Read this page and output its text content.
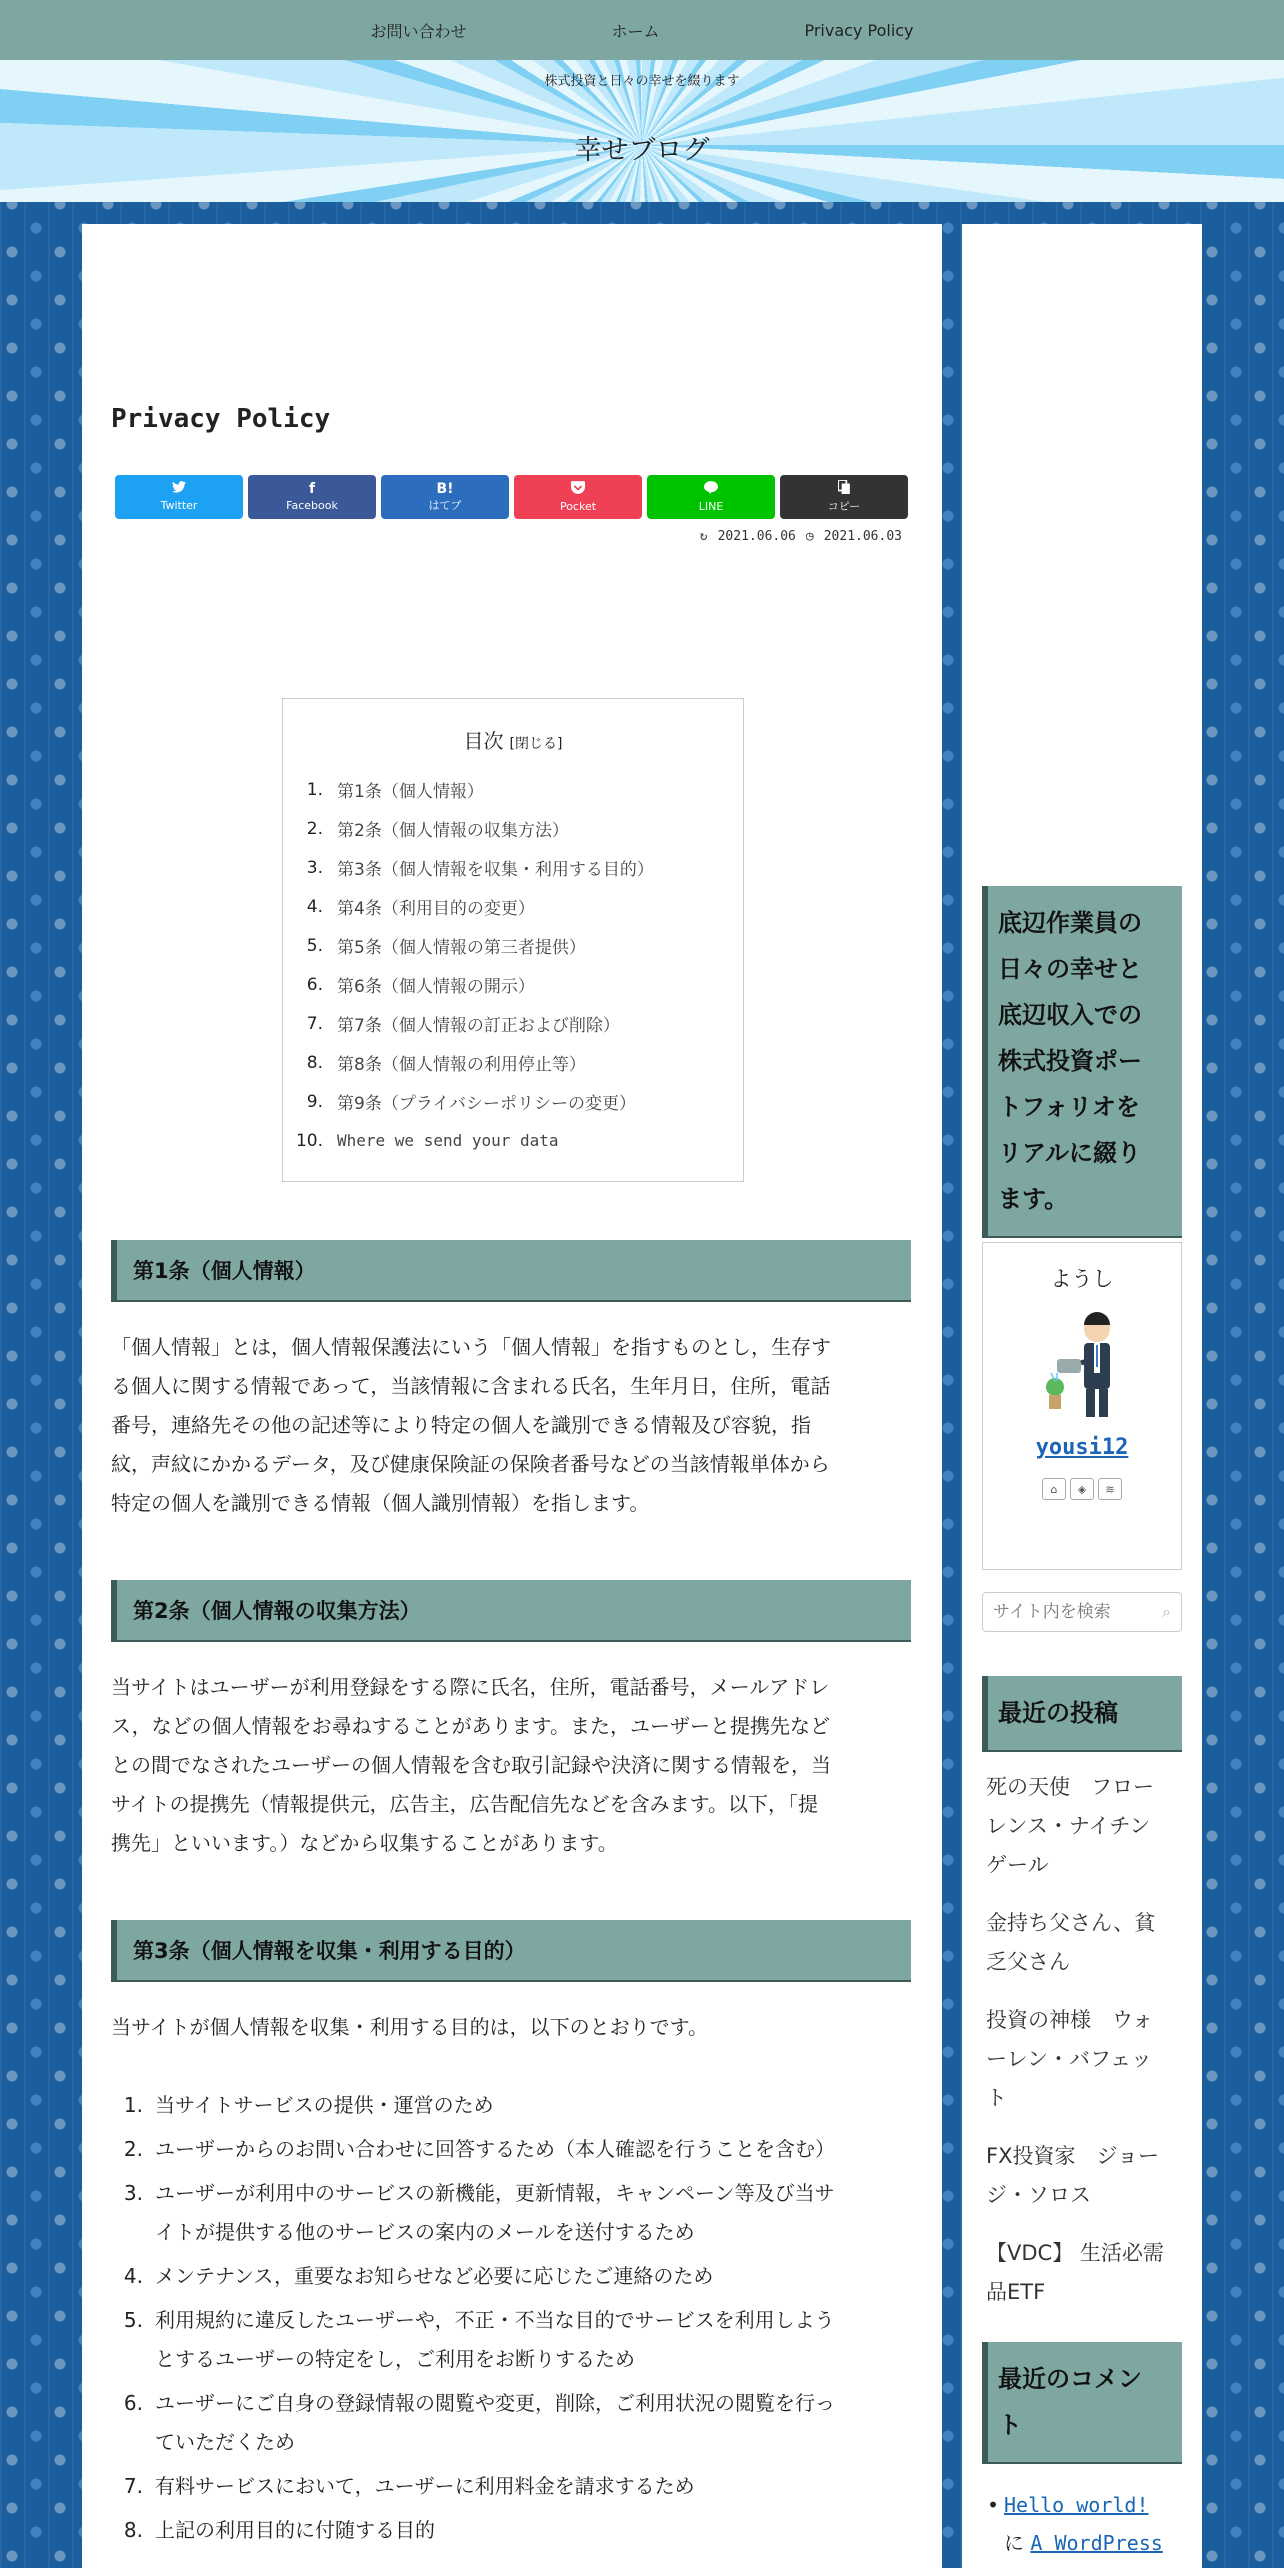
お問い合わせ	ホーム	Privacy Policy
株式投資と日々の幸せを綴ります
幸せブログ
Privacy Policy
Twitter
f
Facebook
B!
はてブ	Pocket	LINE	コピー
↻ 2021.06.06 ◷ 2021.06.03
目次 [閉じる]
1. 第1条（個人情報）
2. 第2条（個人情報の収集方法）
3. 第3条（個人情報を収集・利用する目的）
4. 第4条（利用目的の変更）
5. 第5条（個人情報の第三者提供）
6. 第6条（個人情報の開示）
7. 第7条（個人情報の訂正および削除）
8. 第8条（個人情報の利用停止等）
9. 第9条（プライバシーポリシーの変更）
10. Where we send your data
第1条（個人情報）
「個人情報」とは，個人情報保護法にいう「個人情報」を指すものとし，生存す
る個人に関する情報であって，当該情報に含まれる氏名，生年月日，住所，電話
番号，連絡先その他の記述等により特定の個人を識別できる情報及び容貌，指
紋，声紋にかかるデータ，及び健康保険証の保険者番号などの当該情報単体から
特定の個人を識別できる情報（個人識別情報）を指します。
第2条（個人情報の収集方法）
当サイトはユーザーが利用登録をする際に氏名，住所，電話番号，メールアドレ
ス，などの個人情報をお尋ねすることがあります。また，ユーザーと提携先など
との間でなされたユーザーの個人情報を含む取引記録や決済に関する情報を，当
サイトの提携先（情報提供元，広告主，広告配信先などを含みます。以下，「提
携先」といいます。）などから収集することがあります。
第3条（個人情報を収集・利用する目的）
当サイトが個人情報を収集・利用する目的は，以下のとおりです。
1. 当サイトサービスの提供・運営のため
2. ユーザーからのお問い合わせに回答するため（本人確認を行うことを含む）
3. ユーザーが利用中のサービスの新機能，更新情報，キャンペーン等及び当サ
イトが提供する他のサービスの案内のメールを送付するため
4. メンテナンス，重要なお知らせなど必要に応じたご連絡のため
5. 利用規約に違反したユーザーや，不正・不当な目的でサービスを利用しよう
とするユーザーの特定をし，ご利用をお断りするため
6. ユーザーにご自身の登録情報の閲覧や変更，削除，ご利用状況の閲覧を行っ
ていただくため
7. 有料サービスにおいて，ユーザーに利用料金を請求するため
8. 上記の利用目的に付随する目的
底辺作業員の
日々の幸せと
底辺収入での
株式投資ポー
トフォリオを
リアルに綴り
ます。
ようし
yousi12
⌂	◈	≋
サイト内を検索
⌕
最近の投稿
死の天使　フロー
レンス・ナイチン
ゲール
金持ち父さん、貧
乏父さん
投資の神様　ウォ
ーレン・バフェッ
ト
FX投資家　ジョー
ジ・ソロス
【VDC】 生活必需
品ETF
最近のコメン
ト
• Hello world!
に A WordPress
